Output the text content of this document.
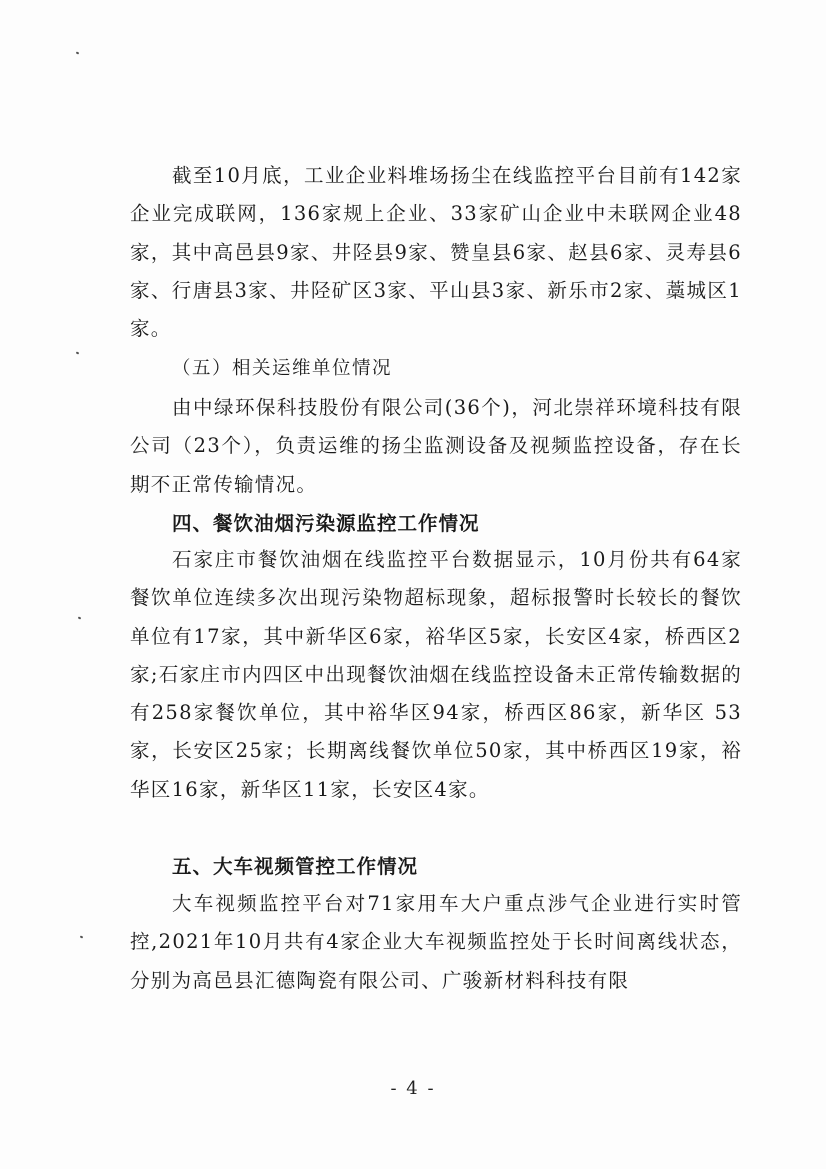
截至10月底，工业企业料堆场扬尘在线监控平台目前有142家企业完成联网，136家规上企业、33家矿山企业中未联网企业48家，其中高邑县9家、井陉县9家、赞皇县6家、赵县6家、灵寿县6家、行唐县3家、井陉矿区3家、平山县3家、新乐市2家、藁城区1家。

（五）相关运维单位情况

由中绿环保科技股份有限公司(36个)，河北崇祥环境科技有限公司（23个），负责运维的扬尘监测设备及视频监控设备，存在长期不正常传输情况。

四、餐饮油烟污染源监控工作情况

石家庄市餐饮油烟在线监控平台数据显示，10月份共有64家餐饮单位连续多次出现污染物超标现象，超标报警时长较长的餐饮单位有17家，其中新华区6家，裕华区5家，长安区4家，桥西区2家;石家庄市内四区中出现餐饮油烟在线监控设备未正常传输数据的有258家餐饮单位，其中裕华区94家，桥西区86家，新华区 53家，长安区25家；长期离线餐饮单位50家，其中桥西区19家，裕华区16家，新华区11家，长安区4家。

五、大车视频管控工作情况

大车视频监控平台对71家用车大户重点涉气企业进行实时管控,2021年10月共有4家企业大车视频监控处于长时间离线状态，分别为高邑县汇德陶瓷有限公司、广骏新材料科技有限

- 4 -
